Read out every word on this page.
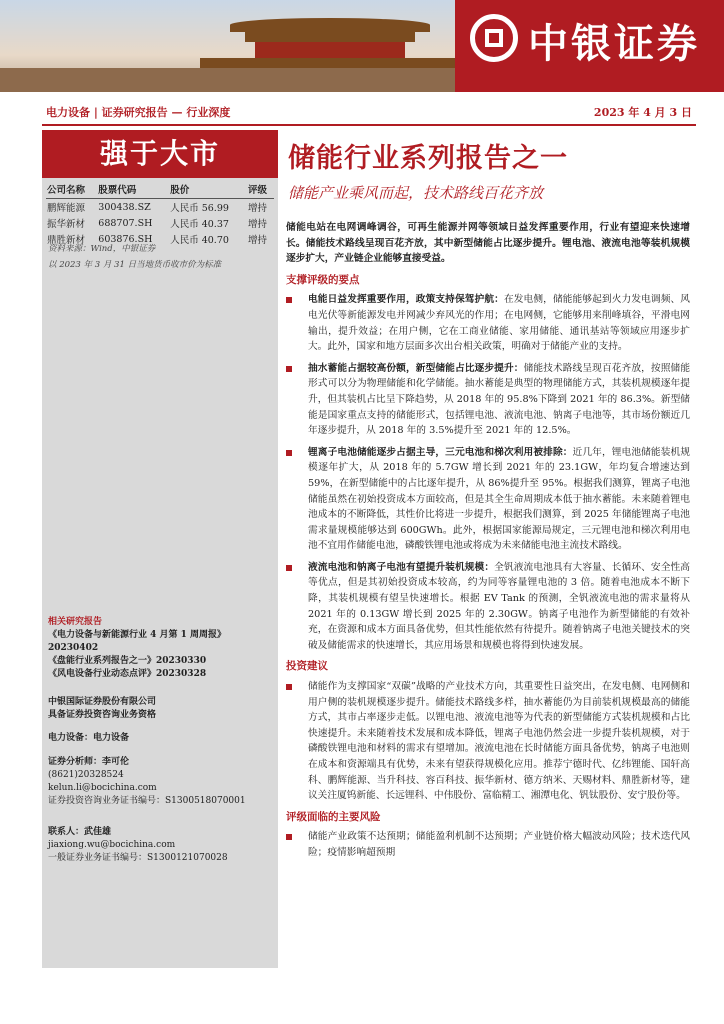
中银证券
电力设备 | 证券研究报告 — 行业深度	2023 年 4 月 3 日
强于大市
公司名称	股票代码	股价	评级
鹏辉能源	300438.SZ	人民币 56.99	增持
振华新材	688707.SH	人民币 40.37	增持
鼎胜新材	603876.SH	人民币 40.70	增持
资料来源：Wind，中银证券
以 2023 年 3 月 31 日当地货币收市价为标准
相关研究报告
《电力设备与新能源行业 4 月第 1 周周报》
20230402
《盘能行业系列报告之一》20230330
《风电设备行业动态点评》20230328
中银国际证券股份有限公司
具备证券投资咨询业务资格
电力设备：电力设备
证券分析师：李可伦
(8621)20328524
kelun.li@bocichina.com
证券投资咨询业务证书编号：S1300518070001
联系人：武佳雄
jiaxiong.wu@bocichina.com
一般证券业务证书编号：S1300121070028
储能行业系列报告之一
储能产业乘风而起，技术路线百花齐放
储能电站在电网调峰调谷，可再生能源并网等领域日益发挥重要作用，行业有望迎来快速增长。储能技术路线呈现百花齐放，其中新型储能占比逐步提升。锂电池、液流电池等装机规模逐步扩大，产业链企业能够直接受益。
支撑评级的要点
电能日益发挥重要作用，政策支持保驾护航：在发电侧，储能能够起到火力发电调频、风电光伏等新能源发电并网减少弃风光的作用；在电网侧，它能够用来削峰填谷，平滑电网输出，提升效益；在用户侧，它在工商业储能、家用储能、通讯基站等领域应用逐步扩大。此外，国家和地方层面多次出台相关政策，明确对于储能产业的支持。
抽水蓄能占据较高份额，新型储能占比逐步提升：储能技术路线呈现百花齐放，按照储能形式可以分为物理储能和化学储能。抽水蓄能是典型的物理储能方式，其装机规模逐年提升，但其装机占比呈下降趋势，从 2018 年的 95.8%下降到 2021 年的 86.3%。新型储能是国家重点支持的储能形式，包括锂电池、液流电池、钠离子电池等，其市场份额近几年逐步提升，从 2018 年的 3.5%提升至 2021 年的 12.5%。
锂离子电池储能逐步占据主导，三元电池和梯次利用被排除：近几年，锂电池储能装机规模逐年扩大，从 2018 年的 5.7GW 增长到 2021 年的 23.1GW，年均复合增速达到 59%，在新型储能中的占比逐年提升，从 86%提升至 95%。根据我们测算，锂离子电池储能虽然在初始投资成本方面较高，但是其全生命周期成本低于抽水蓄能。未来随着锂电池成本的不断降低，其性价比将进一步提升，根据我们测算，到 2025 年储能锂离子电池需求量规模能够达到 600GWh。此外，根据国家能源局规定，三元锂电池和梯次利用电池不宜用作储能电池，磷酸铁锂电池或将成为未来储能电池主流技术路线。
液流电池和钠离子电池有望提升装机规模：全钒液流电池具有大容量、长循环、安全性高等优点，但是其初始投资成本较高，约为同等容量锂电池的 3 倍。随着电池成本不断下降，其装机规模有望呈快速增长。根据 EV Tank 的预测，全钒液流电池的需求量将从 2021 年的 0.13GW 增长到 2025 年的 2.30GW。钠离子电池作为新型储能的有效补充，在资源和成本方面具备优势，但其性能依然有待提升。随着钠离子电池关键技术的突破及储能需求的快速增长，其应用场景和规模也将得到快速发展。
投资建议
储能作为支撑国家“双碳”战略的产业技术方向，其重要性日益突出，在发电侧、电网侧和用户侧的装机规模逐步提升。储能技术路线多样，抽水蓄能仍为目前装机规模最高的储能方式，其市占率逐步走低。以锂电池、液流电池等为代表的新型储能方式装机规模和占比快速提升。未来随着技术发展和成本降低，锂离子电池仍然会进一步提升装机规模，对于磷酸铁锂电池和材料的需求有望增加。液流电池在长时储能方面具备优势，钠离子电池则在成本和资源端具有优势，未来有望获得规模化应用。推荐宁德时代、亿纬锂能、国轩高科、鹏辉能源、当升科技、容百科技、振华新材、德方纳米、天赐材料、鼎胜新材等，建议关注厦钨新能、长远锂科、中伟股份、富临精工、湘潭电化、钒钛股份、安宁股份等。
评级面临的主要风险
储能产业政策不达预期；储能盈利机制不达预期；产业链价格大幅波动风险；技术迭代风险；疫情影响超预期
